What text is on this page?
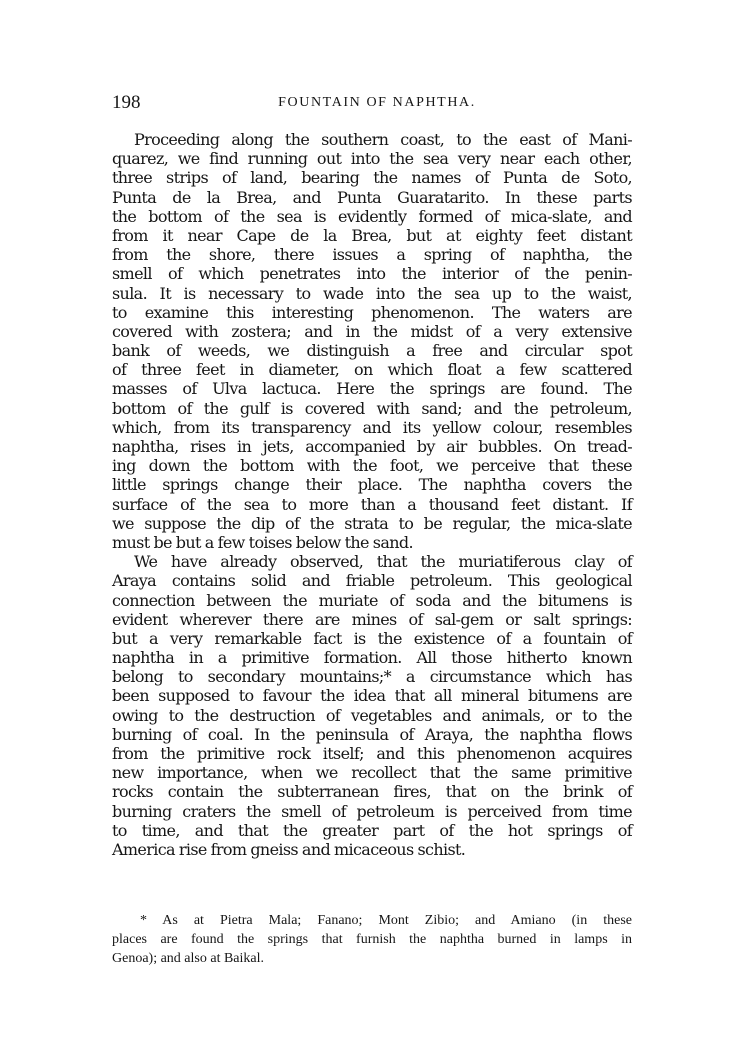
198	FOUNTAIN OF NAPHTHA.
Proceeding along the southern coast, to the east of Mani-
quarez, we find running out into the sea very near each other,
three strips of land, bearing the names of Punta de Soto,
Punta de la Brea, and Punta Guaratarito. In these parts
the bottom of the sea is evidently formed of mica-slate, and
from it near Cape de la Brea, but at eighty feet distant
from the shore, there issues a spring of naphtha, the
smell of which penetrates into the interior of the penin-
sula. It is necessary to wade into the sea up to the waist,
to examine this interesting phenomenon. The waters are
covered with zostera; and in the midst of a very extensive
bank of weeds, we distinguish a free and circular spot
of three feet in diameter, on which float a few scattered
masses of Ulva lactuca. Here the springs are found. The
bottom of the gulf is covered with sand; and the petroleum,
which, from its transparency and its yellow colour, resembles
naphtha, rises in jets, accompanied by air bubbles. On tread-
ing down the bottom with the foot, we perceive that these
little springs change their place. The naphtha covers the
surface of the sea to more than a thousand feet distant. If
we suppose the dip of the strata to be regular, the mica-slate
must be but a few toises below the sand.
We have already observed, that the muriatiferous clay of
Araya contains solid and friable petroleum. This geological
connection between the muriate of soda and the bitumens is
evident wherever there are mines of sal-gem or salt springs:
but a very remarkable fact is the existence of a fountain of
naphtha in a primitive formation. All those hitherto known
belong to secondary mountains;* a circumstance which has
been supposed to favour the idea that all mineral bitumens are
owing to the destruction of vegetables and animals, or to the
burning of coal. In the peninsula of Araya, the naphtha flows
from the primitive rock itself; and this phenomenon acquires
new importance, when we recollect that the same primitive
rocks contain the subterranean fires, that on the brink of
burning craters the smell of petroleum is perceived from time
to time, and that the greater part of the hot springs of
America rise from gneiss and micaceous schist.
* As at Pietra Mala; Fanano; Mont Zibio; and Amiano (in these
places are found the springs that furnish the naphtha burned in lamps in
Genoa); and also at Baikal.
